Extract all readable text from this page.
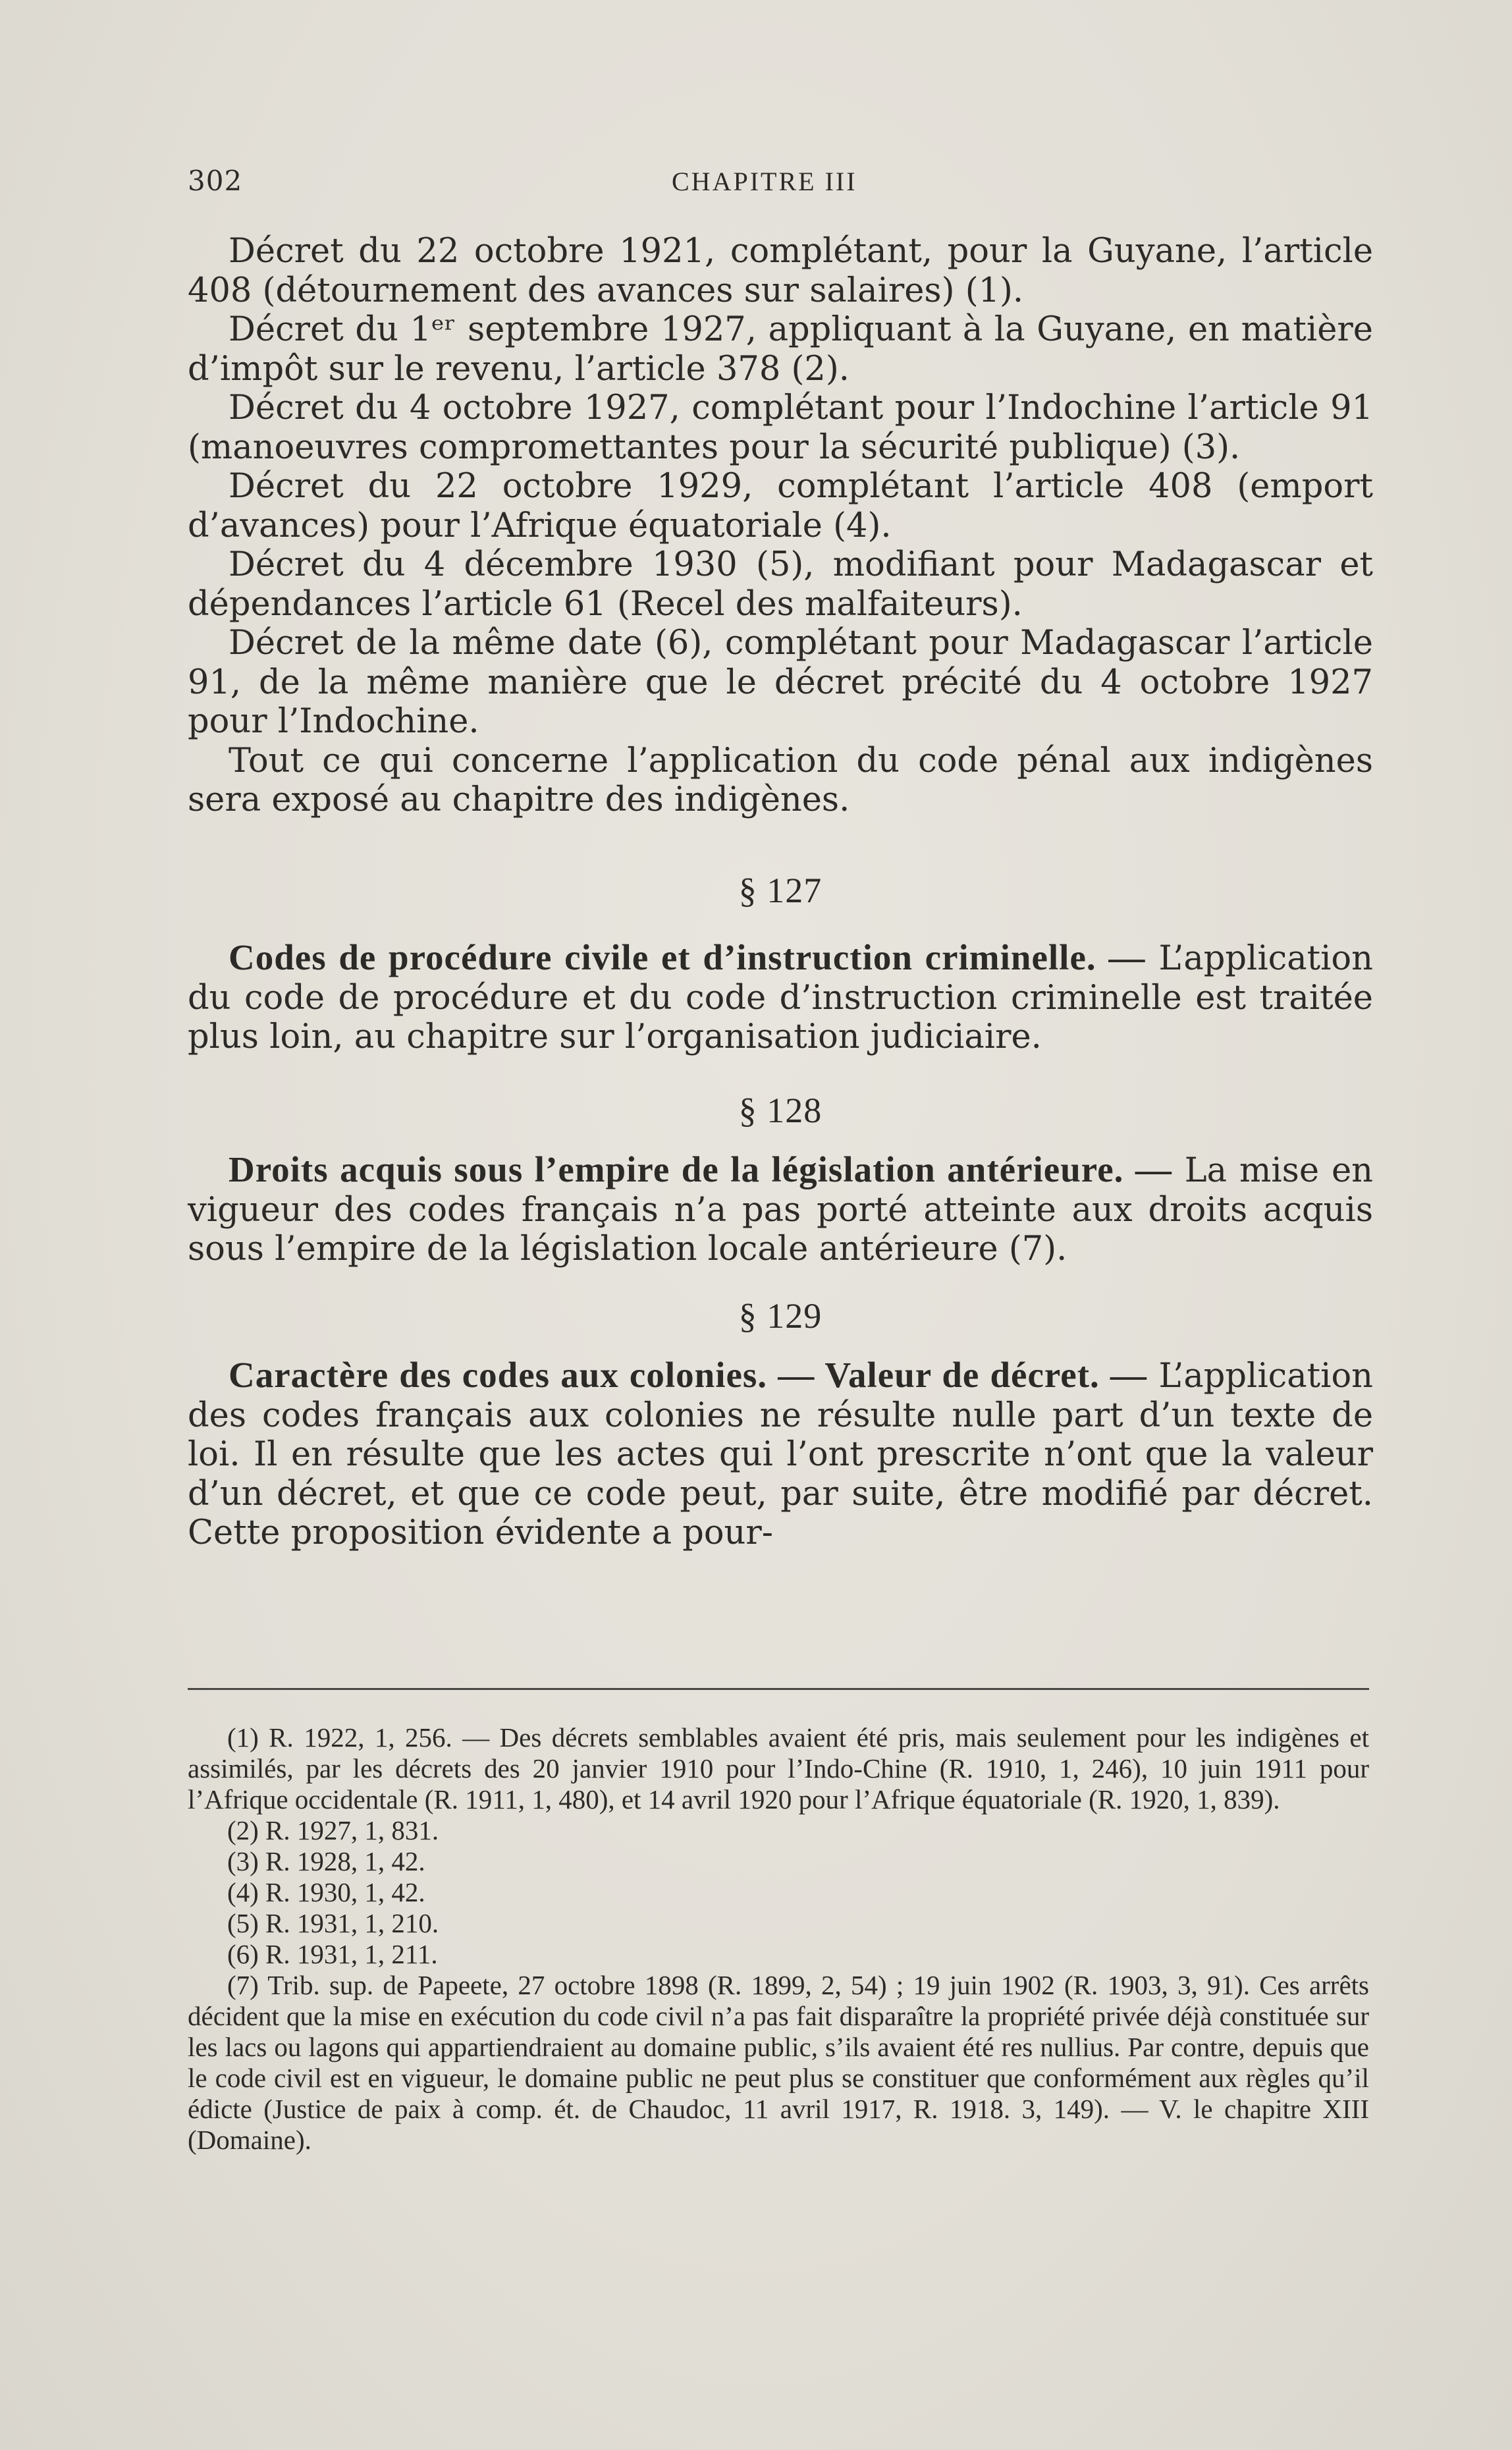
302	CHAPITRE III

Décret du 22 octobre 1921, complétant, pour la Guyane, l’article 408 (détournement des avances sur salaires) (1).

Décret du 1ᵉʳ septembre 1927, appliquant à la Guyane, en matière d’impôt sur le revenu, l’article 378 (2).

Décret du 4 octobre 1927, complétant pour l’Indochine l’article 91 (manoeuvres compromettantes pour la sécurité publique) (3).

Décret du 22 octobre 1929, complétant l’article 408 (emport d’avances) pour l’Afrique équatoriale (4).

Décret du 4 décembre 1930 (5), modifiant pour Madagascar et dépendances l’article 61 (Recel des malfaiteurs).

Décret de la même date (6), complétant pour Madagascar l’article 91, de la même manière que le décret précité du 4 octobre 1927 pour l’Indochine.

Tout ce qui concerne l’application du code pénal aux indigènes sera exposé au chapitre des indigènes.

§ 127

Codes de procédure civile et d’instruction criminelle. — L’application du code de procédure et du code d’instruction criminelle est traitée plus loin, au chapitre sur l’organisation judiciaire.

§ 128

Droits acquis sous l’empire de la législation antérieure. — La mise en vigueur des codes français n’a pas porté atteinte aux droits acquis sous l’empire de la législation locale antérieure (7).

§ 129

Caractère des codes aux colonies. — Valeur de décret. — L’application des codes français aux colonies ne résulte nulle part d’un texte de loi. Il en résulte que les actes qui l’ont prescrite n’ont que la valeur d’un décret, et que ce code peut, par suite, être modifié par décret. Cette proposition évidente a pour-

(1) R. 1922, 1, 256. — Des décrets semblables avaient été pris, mais seulement pour les indigènes et assimilés, par les décrets des 20 janvier 1910 pour l’Indo-Chine (R. 1910, 1, 246), 10 juin 1911 pour l’Afrique occidentale (R. 1911, 1, 480), et 14 avril 1920 pour l’Afrique équatoriale (R. 1920, 1, 839).

(2) R. 1927, 1, 831.

(3) R. 1928, 1, 42.

(4) R. 1930, 1, 42.

(5) R. 1931, 1, 210.

(6) R. 1931, 1, 211.

(7) Trib. sup. de Papeete, 27 octobre 1898 (R. 1899, 2, 54) ; 19 juin 1902 (R. 1903, 3, 91). Ces arrêts décident que la mise en exécution du code civil n’a pas fait disparaître la propriété privée déjà constituée sur les lacs ou lagons qui appartiendraient au domaine public, s’ils avaient été res nullius. Par contre, depuis que le code civil est en vigueur, le domaine public ne peut plus se constituer que conformément aux règles qu’il édicte (Justice de paix à comp. ét. de Chaudoc, 11 avril 1917, R. 1918. 3, 149). — V. le chapitre XIII (Domaine).
